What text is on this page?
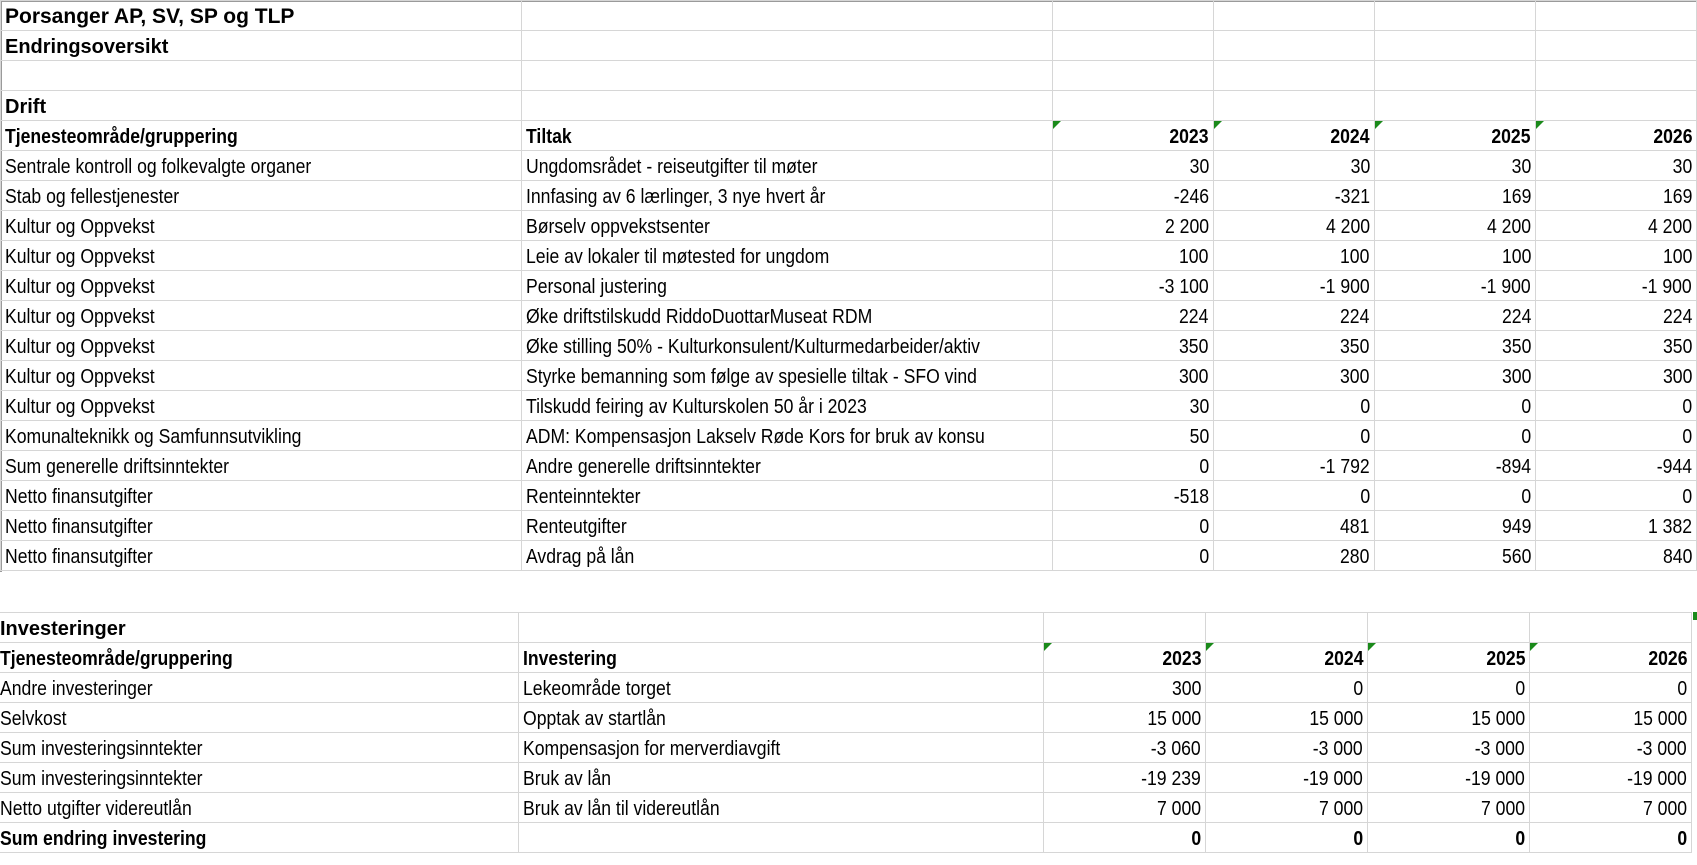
Porsanger AP, SV, SP og TLP					
Endringsoversikt					

Drift					
Tjenesteområde/gruppering	Tiltak	2023	2024	2025	2026
Sentrale kontroll og folkevalgte organer	Ungdomsrådet - reiseutgifter til møter	30	30	30	30
Stab og fellestjenester	Innfasing av 6 lærlinger, 3 nye hvert år	-246	-321	169	169
Kultur og Oppvekst	Børselv oppvekstsenter	2 200	4 200	4 200	4 200
Kultur og Oppvekst	Leie av lokaler til møtested for ungdom	100	100	100	100
Kultur og Oppvekst	Personal justering	-3 100	-1 900	-1 900	-1 900
Kultur og Oppvekst	Øke driftstilskudd RiddoDuottarMuseat RDM	224	224	224	224
Kultur og Oppvekst	Øke stilling 50% - Kulturkonsulent/Kulturmedarbeider/aktiv	350	350	350	350
Kultur og Oppvekst	Styrke bemanning som følge av spesielle tiltak - SFO vind	300	300	300	300
Kultur og Oppvekst	Tilskudd feiring av Kulturskolen 50 år i 2023	30	0	0	0
Komunalteknikk og Samfunnsutvikling	ADM: Kompensasjon Lakselv Røde Kors for bruk av konsu	50	0	0	0
Sum generelle driftsinntekter	Andre generelle driftsinntekter	0	-1 792	-894	-944
Netto finansutgifter	Renteinntekter	-518	0	0	0
Netto finansutgifter	Renteutgifter	0	481	949	1 382
Netto finansutgifter	Avdrag på lån	0	280	560	840
Investeringer					
Tjenesteområde/gruppering	Investering	2023	2024	2025	2026
Andre investeringer	Lekeområde torget	300	0	0	0
Selvkost	Opptak av startlån	15 000	15 000	15 000	15 000
Sum investeringsinntekter	Kompensasjon for merverdiavgift	-3 060	-3 000	-3 000	-3 000
Sum investeringsinntekter	Bruk av lån	-19 239	-19 000	-19 000	-19 000
Netto utgifter videreutlån	Bruk av lån til videreutlån	7 000	7 000	7 000	7 000
Sum endring investering		0	0	0	0
